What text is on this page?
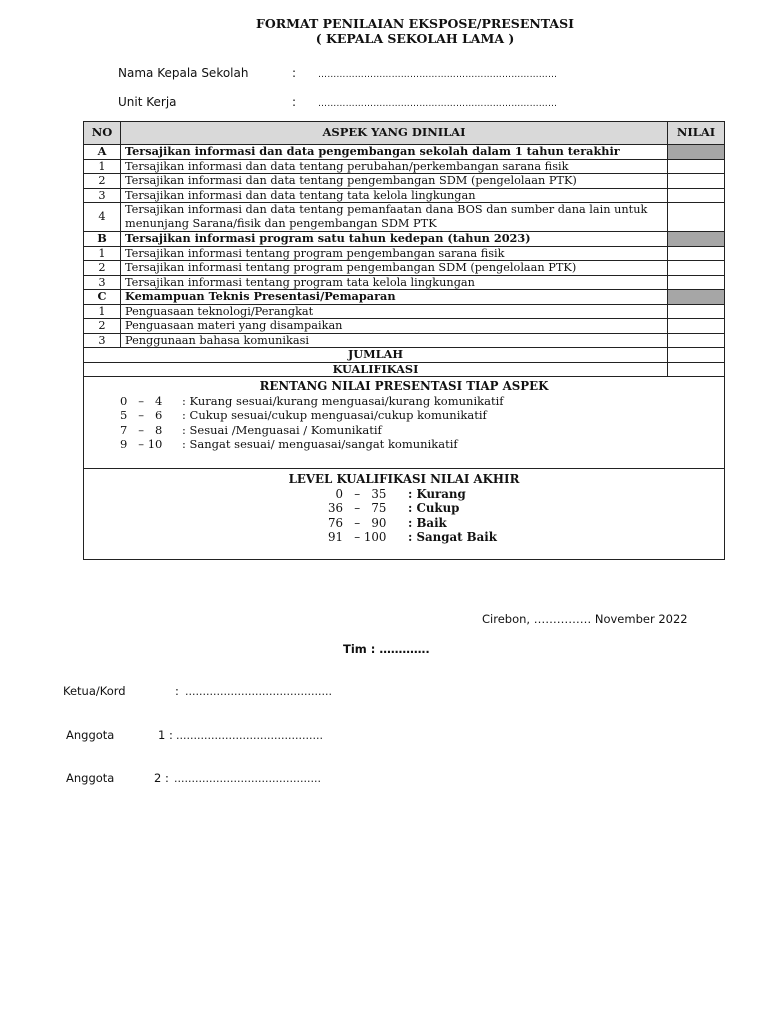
FORMAT PENILAIAN EKSPOSE/PRESENTASI
( KEPALA SEKOLAH LAMA )
Nama Kepala Sekolah	: ……………………………………………………………………
Unit Kerja	: ……………………………………………………………………
NO	ASPEK YANG DINILAI	NILAI
A	Tersajikan informasi dan data pengembangan sekolah dalam 1 tahun terakhir	
1	Tersajikan informasi dan data tentang perubahan/perkembangan sarana fisik	
2	Tersajikan informasi dan data tentang pengembangan SDM (pengelolaan PTK)	
3	Tersajikan informasi dan data tentang tata kelola lingkungan	
4	Tersajikan informasi dan data tentang pemanfaatan dana BOS dan sumber dana lain untuk menunjang Sarana/fisik dan pengembangan SDM PTK	
B	Tersajikan informasi program satu tahun kedepan (tahun 2023)	
1	Tersajikan informasi tentang program pengembangan sarana fisik	
2	Tersajikan informasi tentang program pengembangan SDM (pengelolaan PTK)	
3	Tersajikan informasi tentang program tata kelola lingkungan	
C	Kemampuan Teknis Presentasi/Pemaparan	
1	Penguasaan teknologi/Perangkat	
2	Penguasaan materi yang disampaikan	
3	Penggunaan bahasa komunikasi	
JUMLAH		
KUALIFIKASI		

RENTANG NILAI PRESENTASI TIAP ASPEK
0   –   4 : Kurang sesuai/kurang menguasai/kurang komunikatif
5   –   6 : Cukup sesuai/cukup menguasai/cukup komunikatif
7   –   8 : Sesuai /Menguasai / Komunikatif
9   – 10 : Sangat sesuai/ menguasai/sangat komunikatif		

LEVEL KUALIFIKASI NILAI AKHIR
0   –   35 : Kurang
36   –   75 : Cukup
76   –   90 : Baik
91   – 100 : Sangat Baik		
Cirebon, …………… November 2022
Tim : ………….
Ketua/Kord	: ……………………………………
Anggota	1 : ……………………………………
Anggota	2 : ……………………………………
